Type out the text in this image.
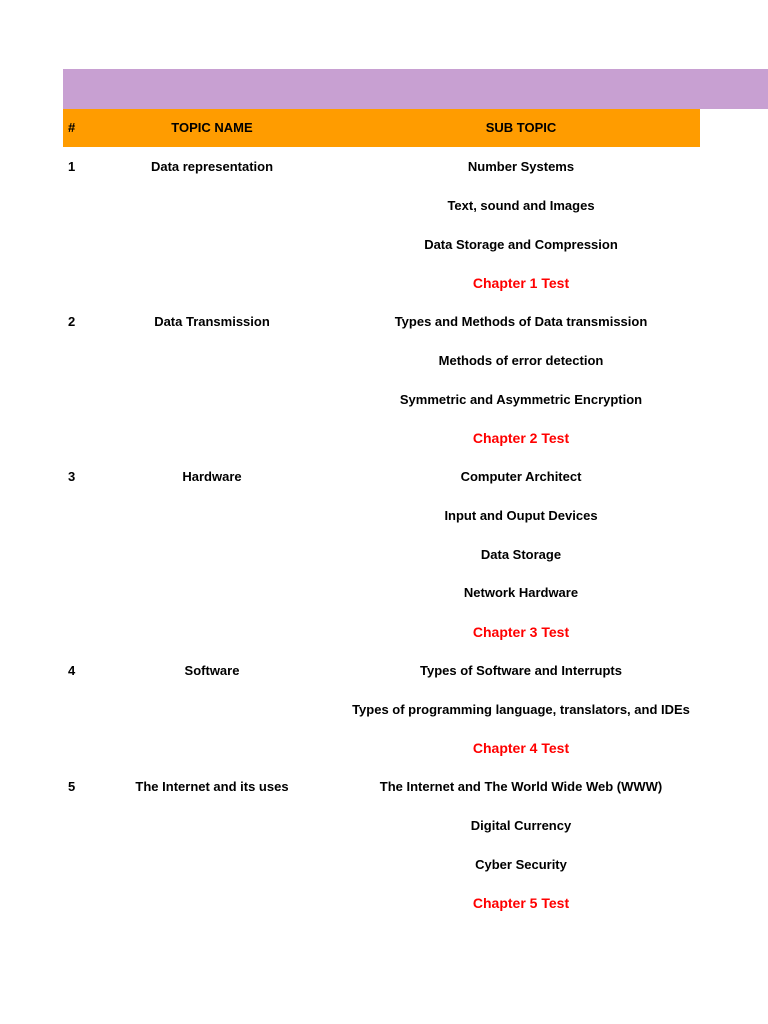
#	TOPIC NAME	SUB TOPIC
1	Data representation	Number Systems
Text, sound and Images
Data Storage and Compression
Chapter 1 Test
2	Data Transmission	Types and Methods of Data transmission
Methods of error detection
Symmetric and Asymmetric Encryption
Chapter 2 Test
3	Hardware	Computer Architect
Input and Ouput Devices
Data Storage
Network Hardware
Chapter 3 Test
4	Software	Types of Software and Interrupts
Types of programming language, translators, and IDEs
Chapter 4 Test
5	The Internet and its uses	The Internet and The World Wide Web (WWW)
Digital Currency
Cyber Security
Chapter 5 Test
